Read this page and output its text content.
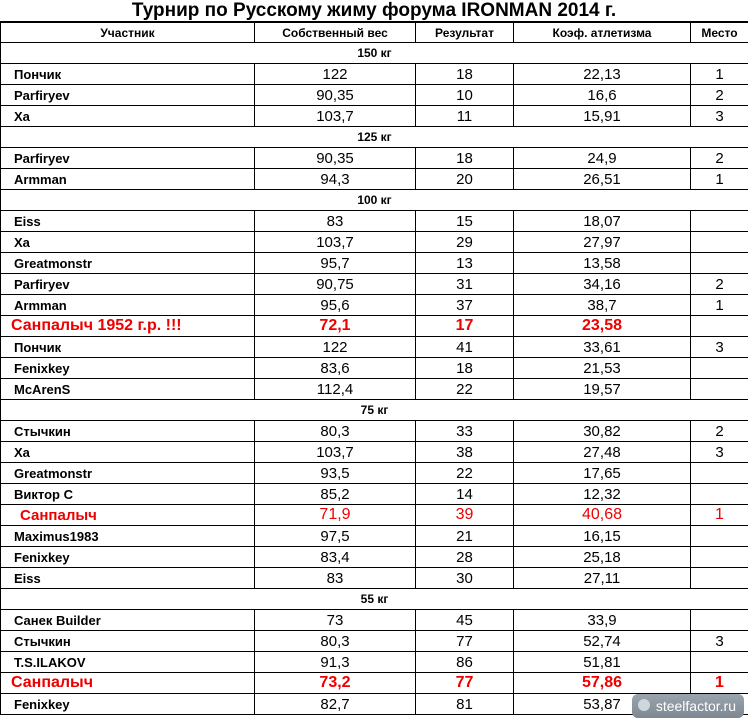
Турнир по Русскому жиму форума IRONMAN 2014 г.
Участник	Собственный вес	Результат	Коэф. атлетизма	Место
150 кг				
Пончик	122	18	22,13	1
Parfiryev	90,35	10	16,6	2
Ха	103,7	11	15,91	3
125 кг				
Parfiryev	90,35	18	24,9	2
Armman	94,3	20	26,51	1
100 кг				
Eiss	83	15	18,07	
Ха	103,7	29	27,97	
Greatmonstr	95,7	13	13,58	
Parfiryev	90,75	31	34,16	2
Armman	95,6	37	38,7	1
Санпалыч 1952 г.р. !!!	72,1	17	23,58	
Пончик	122	41	33,61	3
Fenixkey	83,6	18	21,53	
McArenS	112,4	22	19,57	
75 кг				
Стычкин	80,3	33	30,82	2
Ха	103,7	38	27,48	3
Greatmonstr	93,5	22	17,65	
Виктор С	85,2	14	12,32	
Санпалыч	71,9	39	40,68	1
Maximus1983	97,5	21	16,15	
Fenixkey	83,4	28	25,18	
Eiss	83	30	27,11	
55 кг				
Санек Builder	73	45	33,9	
Стычкин	80,3	77	52,74	3
T.S.ILAKOV	91,3	86	51,81	
Санпалыч	73,2	77	57,86	1
Fenixkey	82,7	81	53,87		steelfactor.ru
